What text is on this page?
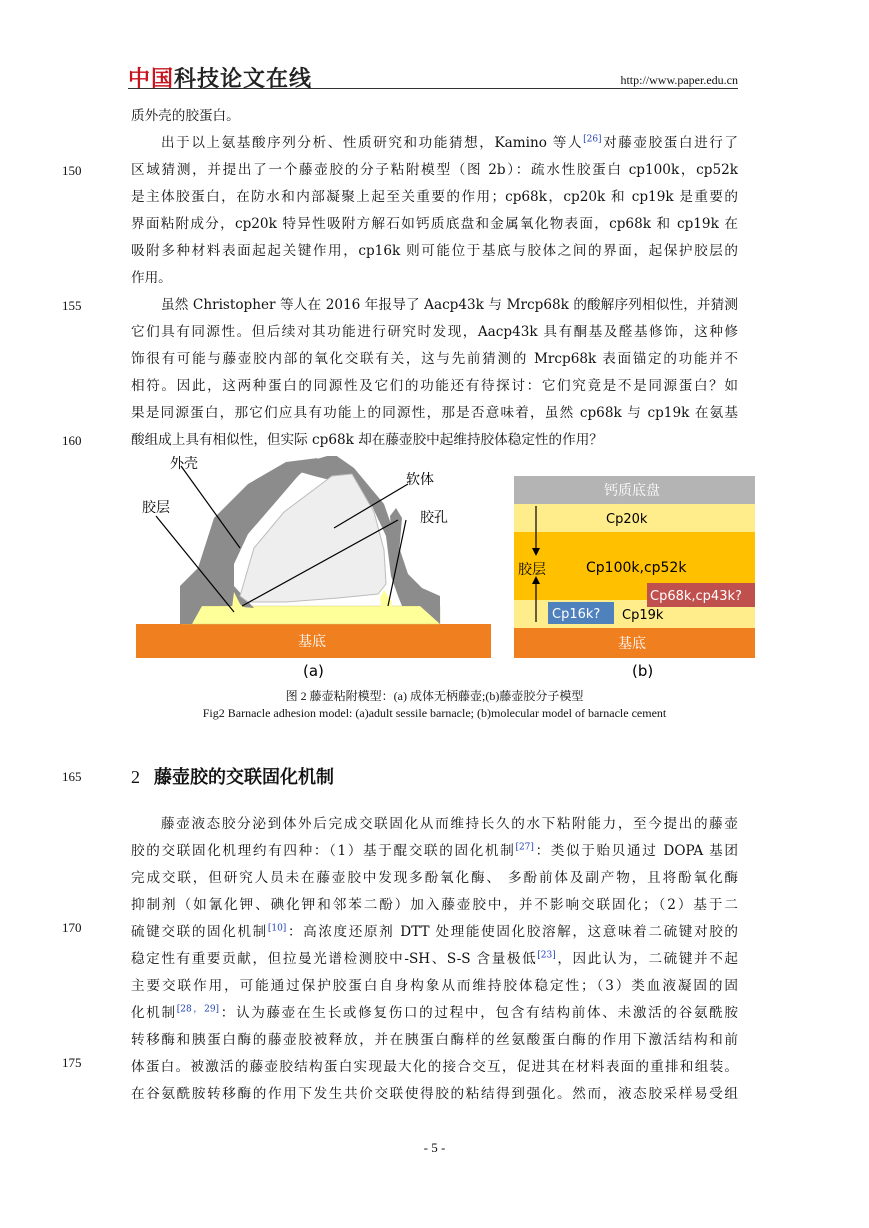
中国科技论文在线	http://www.paper.edu.cn
质外壳的胶蛋白。
出于以上氨基酸序列分析、性质研究和功能猜想，Kamino 等人[26]对藤壶胶蛋白进行了
区域猜测，并提出了一个藤壶胶的分子粘附模型（图 2b）：疏水性胶蛋白 cp100k，cp52k
是主体胶蛋白，在防水和内部凝聚上起至关重要的作用；cp68k，cp20k 和 cp19k 是重要的
界面粘附成分，cp20k 特异性吸附方解石如钙质底盘和金属氧化物表面，cp68k 和 cp19k 在
吸附多种材料表面起起关键作用，cp16k 则可能位于基底与胶体之间的界面，起保护胶层的
作用。
虽然 Christopher 等人在 2016 年报导了 Aacp43k 与 Mrcp68k 的酸解序列相似性，并猜测
它们具有同源性。但后续对其功能进行研究时发现，Aacp43k 具有酮基及醛基修饰，这种修
饰很有可能与藤壶胶内部的氧化交联有关，这与先前猜测的 Mrcp68k 表面锚定的功能并不
相符。因此，这两种蛋白的同源性及它们的功能还有待探讨：它们究竟是不是同源蛋白？如
果是同源蛋白，那它们应具有功能上的同源性，那是否意味着，虽然 cp68k 与 cp19k 在氨基
酸组成上具有相似性，但实际 cp68k 却在藤壶胶中起维持胶体稳定性的作用？
150
155
160
165
170
175
外壳
软体
胶层
胶孔
基底
(a)
钙质底盘
Cp20k
胶层	Cp100k,cp52k
Cp68k,cp43k?
Cp16k? Cp19k
基底
(b)
图 2 藤壶粘附模型：(a) 成体无柄藤壶;(b)藤壶胶分子模型
Fig2 Barnacle adhesion model: (a)adult sessile barnacle; (b)molecular model of barnacle cement
2 藤壶胶的交联固化机制
藤壶液态胶分泌到体外后完成交联固化从而维持长久的水下粘附能力，至今提出的藤壶
胶的交联固化机理约有四种：（1）基于醌交联的固化机制[27]：类似于贻贝通过 DOPA 基团
完成交联，但研究人员未在藤壶胶中发现多酚氧化酶、 多酚前体及副产物，且将酚氧化酶
抑制剂（如氰化钾、碘化钾和邻苯二酚）加入藤壶胶中，并不影响交联固化；（2）基于二
硫键交联的固化机制[10]：高浓度还原剂 DTT 处理能使固化胶溶解，这意味着二硫键对胶的
稳定性有重要贡献，但拉曼光谱检测胶中-SH、S-S 含量极低[23]，因此认为，二硫键并不起
主要交联作用，可能通过保护胶蛋白自身构象从而维持胶体稳定性；（3）类血液凝固的固
化机制[28，29]：认为藤壶在生长或修复伤口的过程中，包含有结构前体、未激活的谷氨酰胺
转移酶和胰蛋白酶的藤壶胶被释放，并在胰蛋白酶样的丝氨酸蛋白酶的作用下激活结构和前
体蛋白。被激活的藤壶胶结构蛋白实现最大化的接合交互，促进其在材料表面的重排和组装。
在谷氨酰胺转移酶的作用下发生共价交联使得胶的粘结得到强化。然而，液态胶采样易受组
- 5 -
